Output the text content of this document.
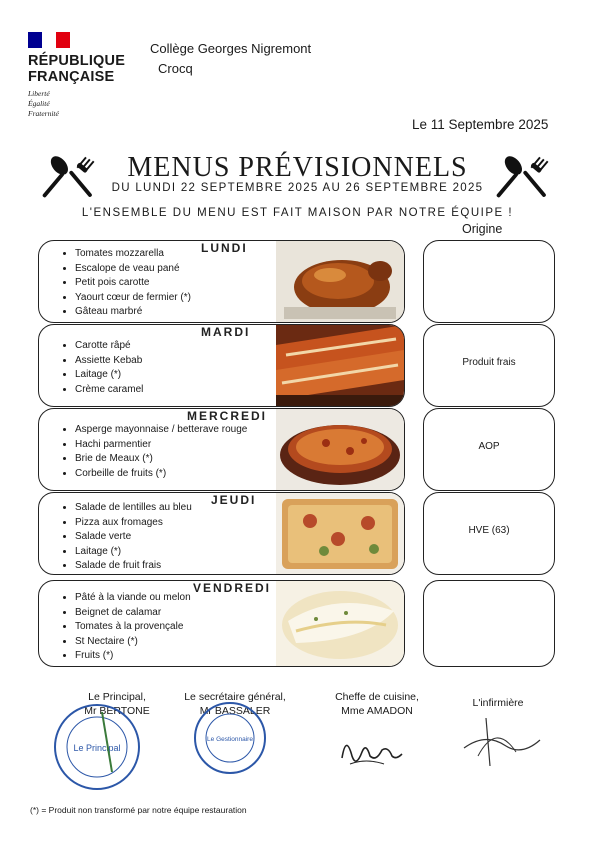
RÉPUBLIQUE
FRANÇAISE
Liberté
Égalité
Fraternité
Collège Georges Nigremont
Crocq
Le 11 Septembre 2025
MENUS PRÉVISIONNELS
DU LUNDI 22 SEPTEMBRE 2025 AU 26 SEPTEMBRE 2025
L'ENSEMBLE DU MENU EST FAIT MAISON PAR NOTRE ÉQUIPE !
Origine
LUNDI
• Tomates mozzarella
• Escalope de veau pané
• Petit pois carotte
• Yaourt cœur de fermier (*)
• Gâteau marbré
MARDI
• Carotte râpé
• Assiette Kebab
• Laitage (*)
• Crème caramel
Produit frais
MERCREDI
• Asperge mayonnaise / betterave rouge
• Hachi parmentier
• Brie de Meaux (*)
• Corbeille de fruits (*)
AOP
JEUDI
• Salade de lentilles au bleu
• Pizza aux fromages
• Salade verte
• Laitage (*)
• Salade de fruit frais
HVE (63)
VENDREDI
• Pâté à la viande ou melon
• Beignet de calamar
• Tomates à la provençale
• St Nectaire (*)
• Fruits (*)
Le Principal,
Mr BERTONE
Le secrétaire général,
Mr BASSALER
Cheffe de cuisine,
Mme AMADON
L'infirmière
Le Principal
Le Gestionnaire
(*) = Produit non transformé par notre équipe restauration
